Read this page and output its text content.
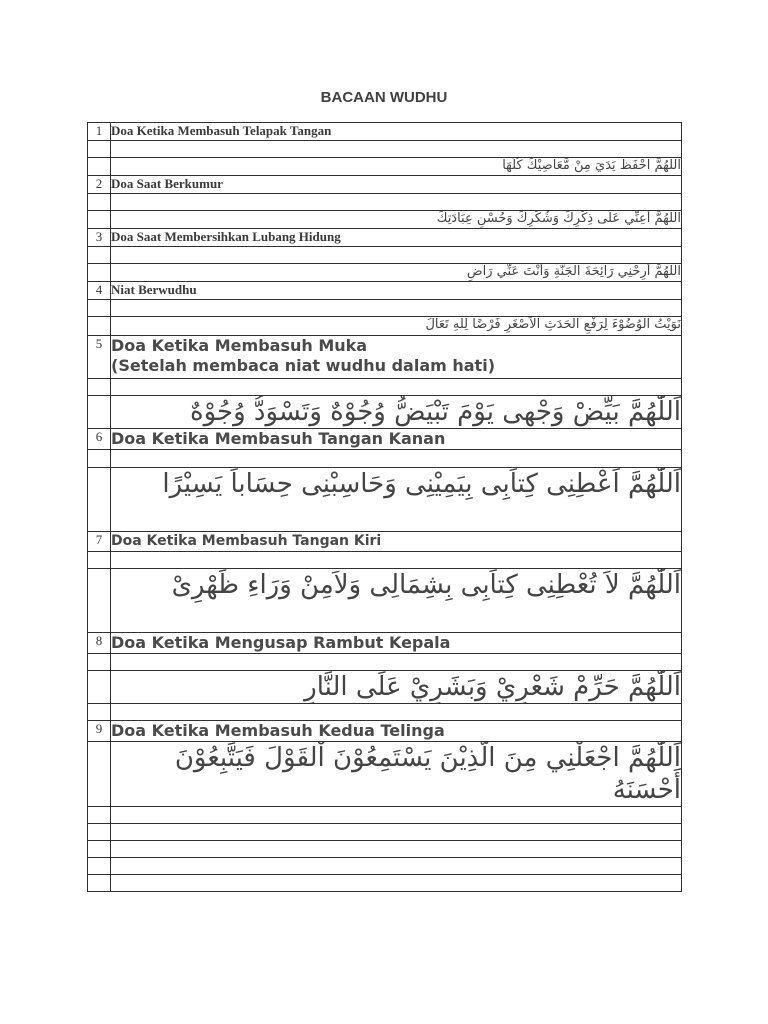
BACAAN WUDHU
1	Doa Ketika Membasuh Telapak Tangan

	اللَّهُمَّ احْفَظْ يَدَيَ مِنْ مَّعَاصِيْكَ كُلِّهَا
2	Doa Saat Berkumur

	اللَّهُمَّ أَعِنِّي عَلَى ذِكْرِكَ وَشُكْرِكَ وَحُسْنِ عِبَادَتِكَ
3	Doa Saat Membersihkan Lubang Hidung

	اللَّهُمَّ أَرِحْنِي رَائِحَةَ الْجَنَّةِ وَأَنْتَ عَنِّي رَاضٍ
4	Niat Berwudhu

	نَوَيْتُ الْوُضُوْءَ لِرَفْعِ الْحَدَثِ اْلاَصْغَرِ فَرْضًا لِلّٰهِ تَعَالَ
5	Doa Ketika Membasuh Muka
(Setelah membaca niat wudhu dalam hati)

	اَللّٰهُمَّ بَيِّضْ وَجْهِى يَوْمَ تَبْيَضُّ وُجُوْهٌ وَتَسْوَدُّ وُجُوْهٌ
6	Doa Ketika Membasuh Tangan Kanan

	اَللّٰهُمَّ اَعْطِنِى كِتاَبِى بِيَمِيْنِى وَحَاسِبْنِى حِسَاباً يَسِيْرًا
7	Doa Ketika Membasuh Tangan Kiri

	اَللّٰهُمَّ لاَ تُعْطِنِى كِتاَبِى بِشِمَالِى وَلاَمِنْ وَرَاءِ ظَهْرِىْ
8	Doa Ketika Mengusap Rambut Kepala

	اَللّٰهُمَّ حَرِّمْ شَعْرِيْ وَبَشَرِيْ عَلَى النَّارِ

9	Doa Ketika Membasuh Kedua Telinga
	اَللّٰهُمَّ اجْعَلْنِي مِنَ الَّذِيْنَ يَسْتَمِعُوْنَ اْلقَوْلَ فَيَتَّبِعُوْنَ أَحْسَنَهُ
